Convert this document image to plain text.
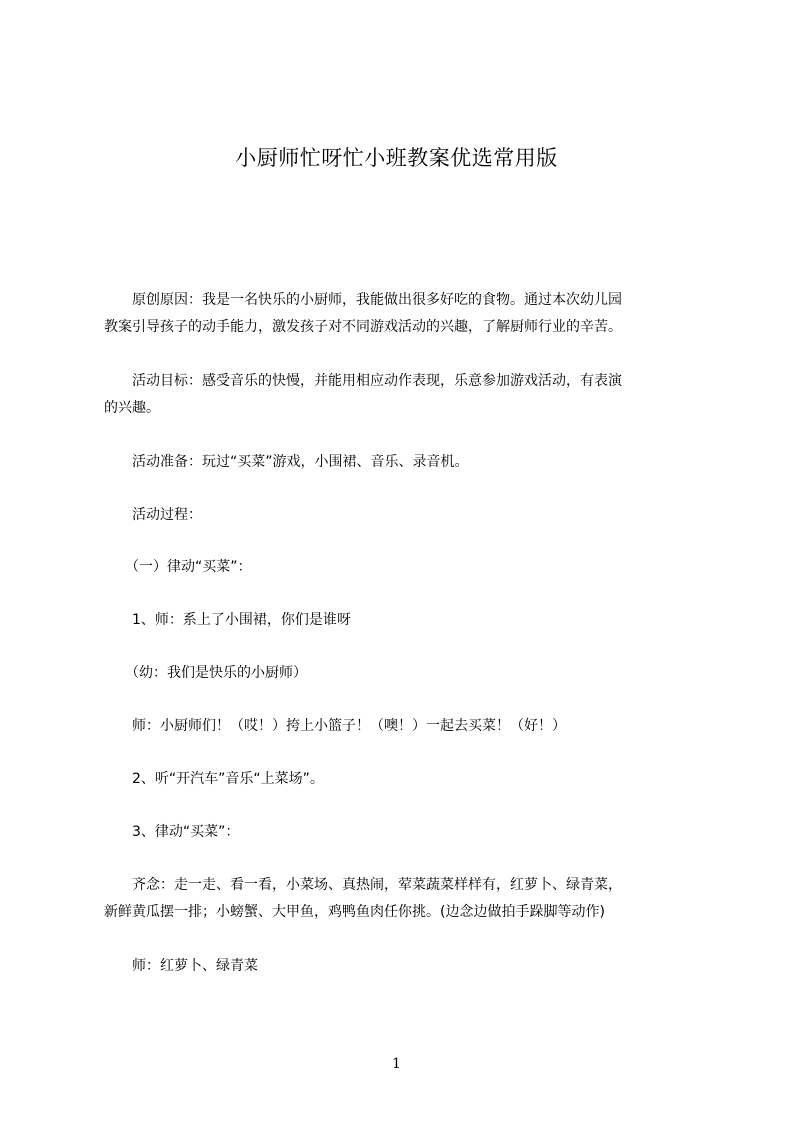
小厨师忙呀忙小班教案优选常用版
　　原创原因：我是一名快乐的小厨师，我能做出很多好吃的食物。通过本次幼儿园
教案引导孩子的动手能力，激发孩子对不同游戏活动的兴趣，了解厨师行业的辛苦。
　　活动目标：感受音乐的快慢，并能用相应动作表现，乐意参加游戏活动，有表演
的兴趣。
　　活动准备：玩过“买菜”游戏，小围裙、音乐、录音机。
　　活动过程：
　　（一）律动“买菜”：
　　1、师：系上了小围裙，你们是谁呀
　　（幼：我们是快乐的小厨师）
　　师：小厨师们！（哎！）挎上小篮子！（噢！）一起去买菜！（好！）
　　2、听“开汽车”音乐“上菜场”。
　　3、律动“买菜”：
　　齐念：走一走、看一看，小菜场、真热闹，荤菜蔬菜样样有，红萝卜、绿青菜，
新鲜黄瓜摆一排；小螃蟹、大甲鱼，鸡鸭鱼肉任你挑。(边念边做拍手跺脚等动作)
　　师：红萝卜、绿青菜
1
